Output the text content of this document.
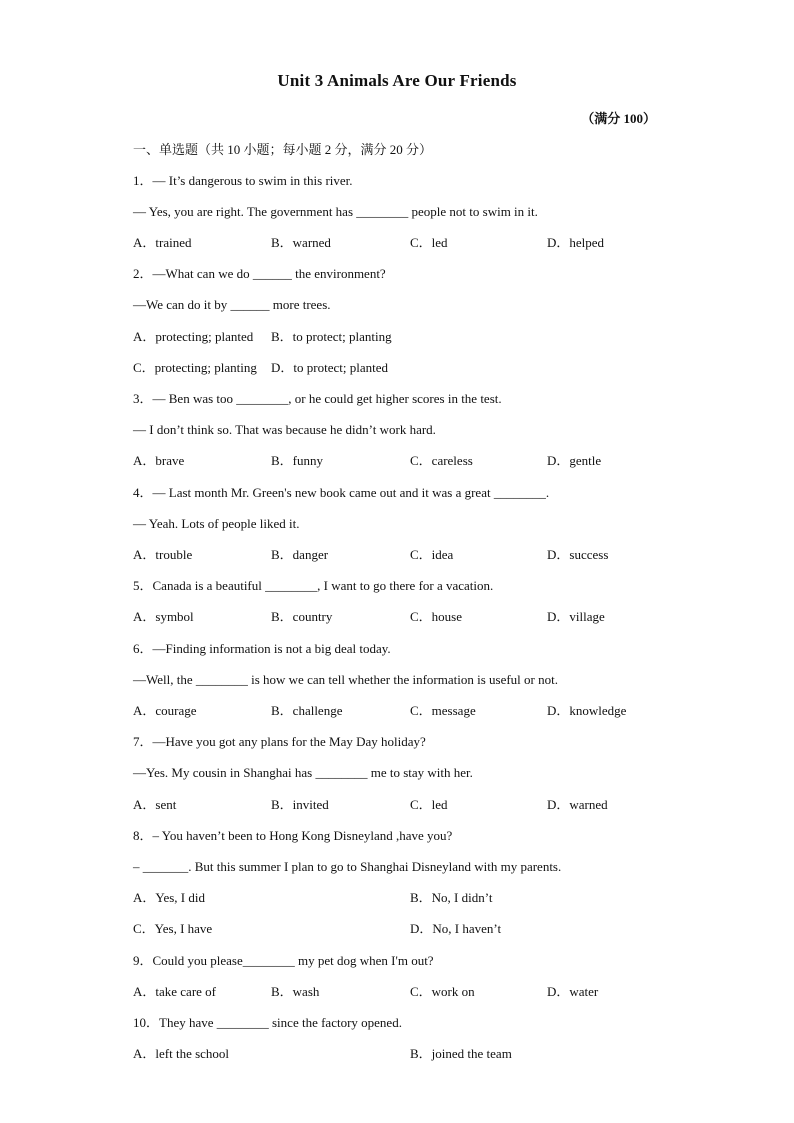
Unit 3 Animals Are Our Friends
（满分 100）
一、单选题（共 10 小题；每小题 2 分，满分 20 分）
1．— It’s dangerous to swim in this river.
— Yes, you are right. The government has ________ people not to swim in it.
A．trained	B．warned	C．led	D．helped
2．—What can we do ______ the environment?
—We can do it by ______ more trees.
A．protecting; planted B．to protect; planting
C．protecting; planting D．to protect; planted
3．— Ben was too ________, or he could get higher scores in the test.
— I don’t think so. That was because he didn’t work hard.
A．brave	B．funny	C．careless	D．gentle
4．— Last month Mr. Green's new book came out and it was a great ________.
— Yeah. Lots of people liked it.
A．trouble	B．danger	C．idea	D．success
5．Canada is a beautiful ________, I want to go there for a vacation.
A．symbol	B．country	C．house	D．village
6．—Finding information is not a big deal today.
—Well, the ________ is how we can tell whether the information is useful or not.
A．courage	B．challenge	C．message	D．knowledge
7．—Have you got any plans for the May Day holiday?
—Yes. My cousin in Shanghai has ________ me to stay with her.
A．sent	B．invited	C．led	D．warned
8．– You haven’t been to Hong Kong Disneyland ,have you?
– _______. But this summer I plan to go to Shanghai Disneyland with my parents.
A．Yes, I did	B．No, I didn’t
C．Yes, I have	D．No, I haven’t
9．Could you please________ my pet dog when I'm out?
A．take care of	B．wash	C．work on	D．water
10．They have ________ since the factory opened.
A．left the school	B．joined the team
